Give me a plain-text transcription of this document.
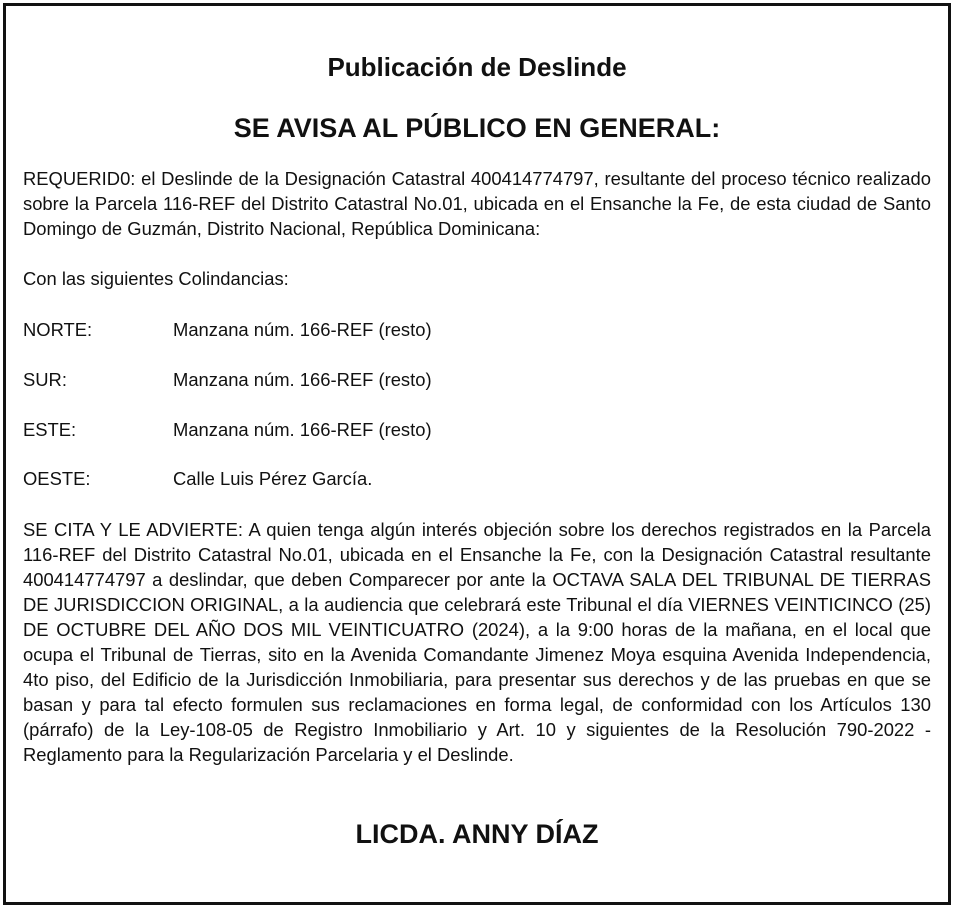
Publicación de Deslinde
SE AVISA AL PÚBLICO EN GENERAL:

REQUERID0: el Deslinde de la Designación Catastral 400414774797, resultante del proceso técnico realizado sobre la Parcela 116-REF del Distrito Catastral No.01, ubicada en el Ensanche la Fe, de esta ciudad de Santo Domingo de Guzmán, Distrito Nacional, República Dominicana:

Con las siguientes Colindancias:

NORTE:	Manzana núm. 166-REF (resto)
SUR:	Manzana núm. 166-REF (resto)
ESTE:	Manzana núm. 166-REF (resto)
OESTE:	Calle Luis Pérez García.

SE CITA Y LE ADVIERTE: A quien tenga algún interés objeción sobre los derechos registrados en la Parcela 116-REF del Distrito Catastral No.01, ubicada en el Ensanche la Fe, con la Designación Catastral resultante 400414774797 a deslindar, que deben Comparecer por ante la OCTAVA SALA DEL TRIBUNAL DE TIERRAS DE JURISDICCION ORIGINAL, a la audiencia que celebrará este Tribunal el día VIERNES VEINTICINCO (25) DE OCTUBRE DEL AÑO DOS MIL VEINTICUATRO (2024), a la 9:00 horas de la mañana, en el local que ocupa el Tribunal de Tierras, sito en la Avenida Comandante Jimenez Moya esquina Avenida Independencia, 4to piso, del Edificio de la Jurisdicción Inmobiliaria, para presentar sus derechos y de las pruebas en que se basan y para tal efecto formulen sus reclamaciones en forma legal, de conformidad con los Artículos 130 (párrafo) de la Ley-108-05 de Registro Inmobiliario y Art. 10 y siguientes de la Resolución 790-2022 - Reglamento para la Regularización Parcelaria y el Deslinde.

LICDA. ANNY DÍAZ
